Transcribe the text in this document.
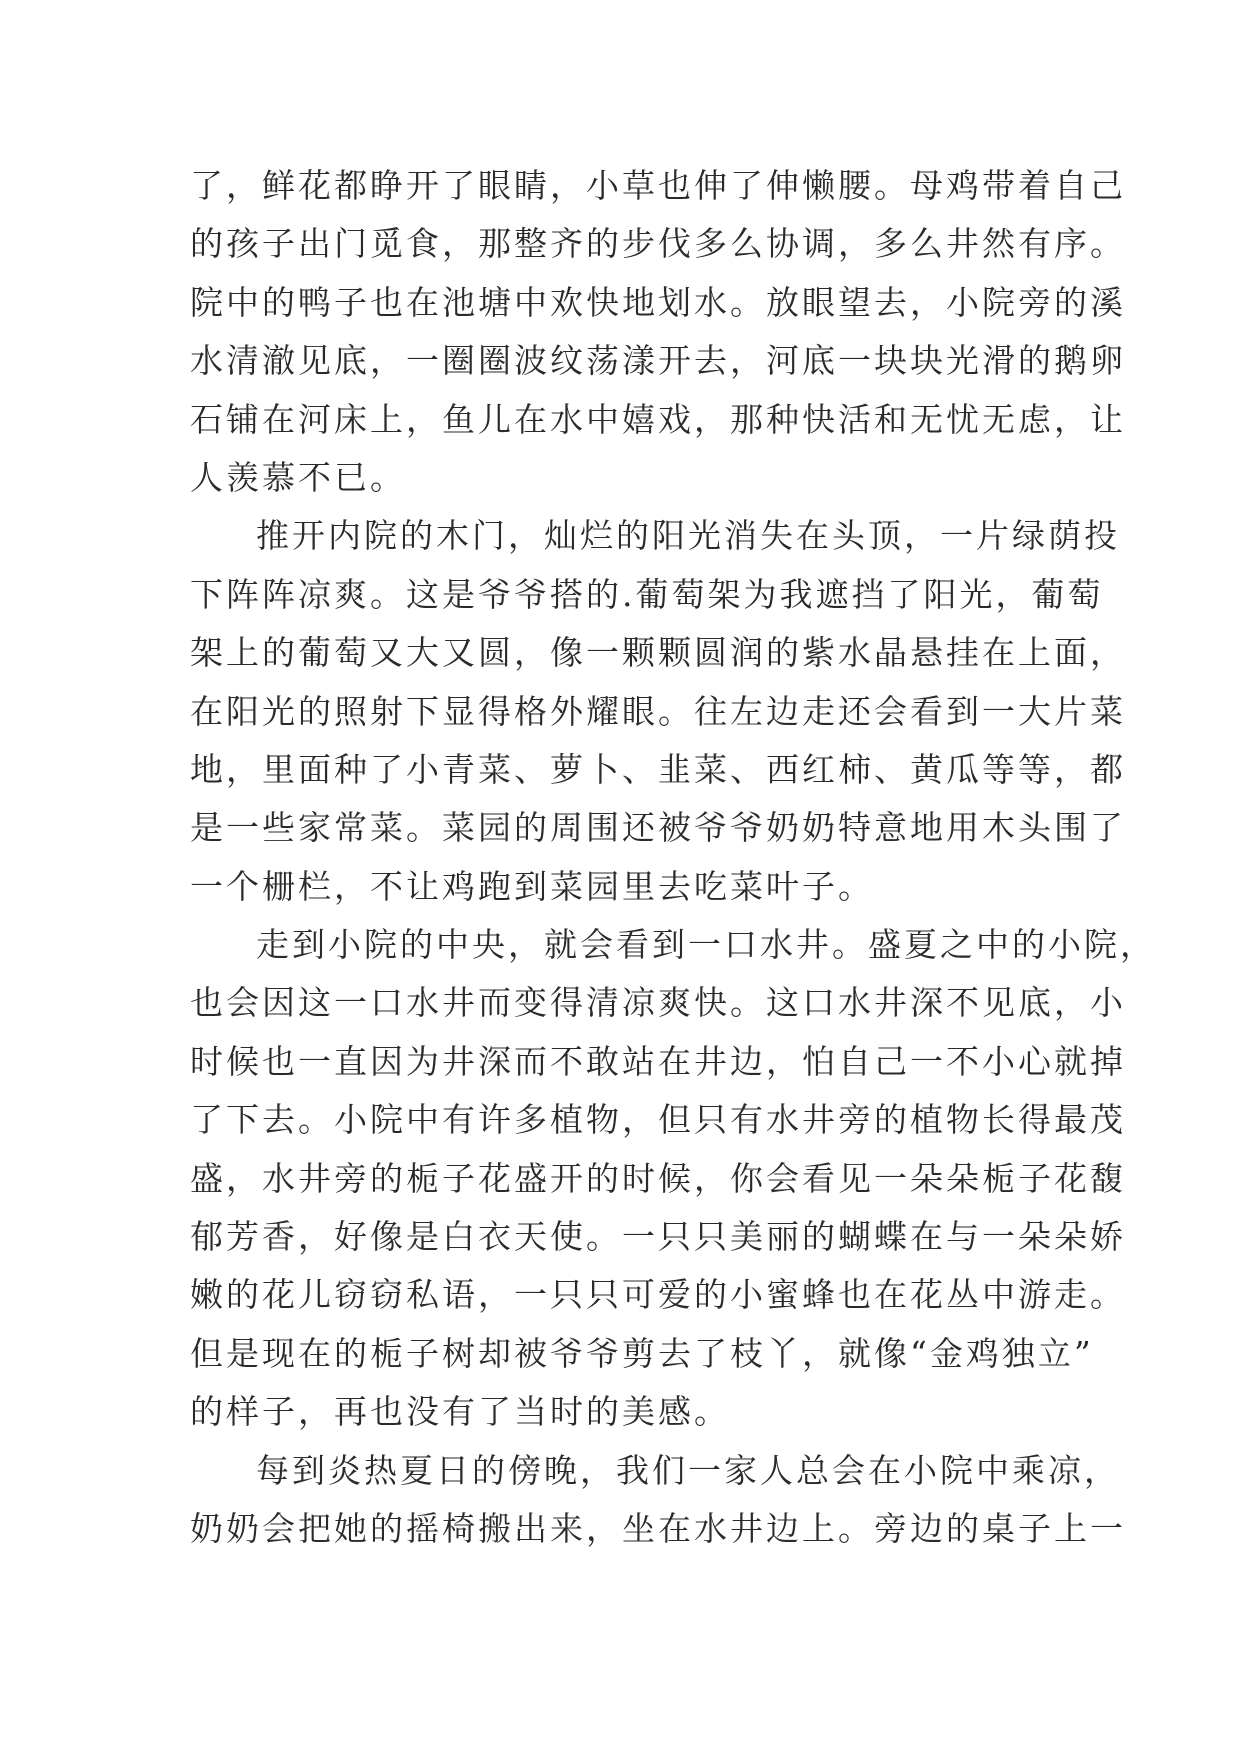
了，鲜花都睁开了眼睛，小草也伸了伸懒腰。母鸡带着自己
的孩子出门觅食，那整齐的步伐多么协调，多么井然有序。
院中的鸭子也在池塘中欢快地划水。放眼望去，小院旁的溪
水清澈见底，一圈圈波纹荡漾开去，河底一块块光滑的鹅卵
石铺在河床上，鱼儿在水中嬉戏，那种快活和无忧无虑，让
人羡慕不已。
推开内院的木门，灿烂的阳光消失在头顶，一片绿荫投
下阵阵凉爽。这是爷爷搭的.葡萄架为我遮挡了阳光，葡萄
架上的葡萄又大又圆，像一颗颗圆润的紫水晶悬挂在上面，
在阳光的照射下显得格外耀眼。往左边走还会看到一大片菜
地，里面种了小青菜、萝卜、韭菜、西红柿、黄瓜等等，都
是一些家常菜。菜园的周围还被爷爷奶奶特意地用木头围了
一个栅栏，不让鸡跑到菜园里去吃菜叶子。
走到小院的中央，就会看到一口水井。盛夏之中的小院，
也会因这一口水井而变得清凉爽快。这口水井深不见底，小
时候也一直因为井深而不敢站在井边，怕自己一不小心就掉
了下去。小院中有许多植物，但只有水井旁的植物长得最茂
盛，水井旁的栀子花盛开的时候，你会看见一朵朵栀子花馥
郁芳香，好像是白衣天使。一只只美丽的蝴蝶在与一朵朵娇
嫩的花儿窃窃私语，一只只可爱的小蜜蜂也在花丛中游走。
但是现在的栀子树却被爷爷剪去了枝丫，就像“金鸡独立”
的样子，再也没有了当时的美感。
每到炎热夏日的傍晚，我们一家人总会在小院中乘凉，
奶奶会把她的摇椅搬出来，坐在水井边上。旁边的桌子上一
